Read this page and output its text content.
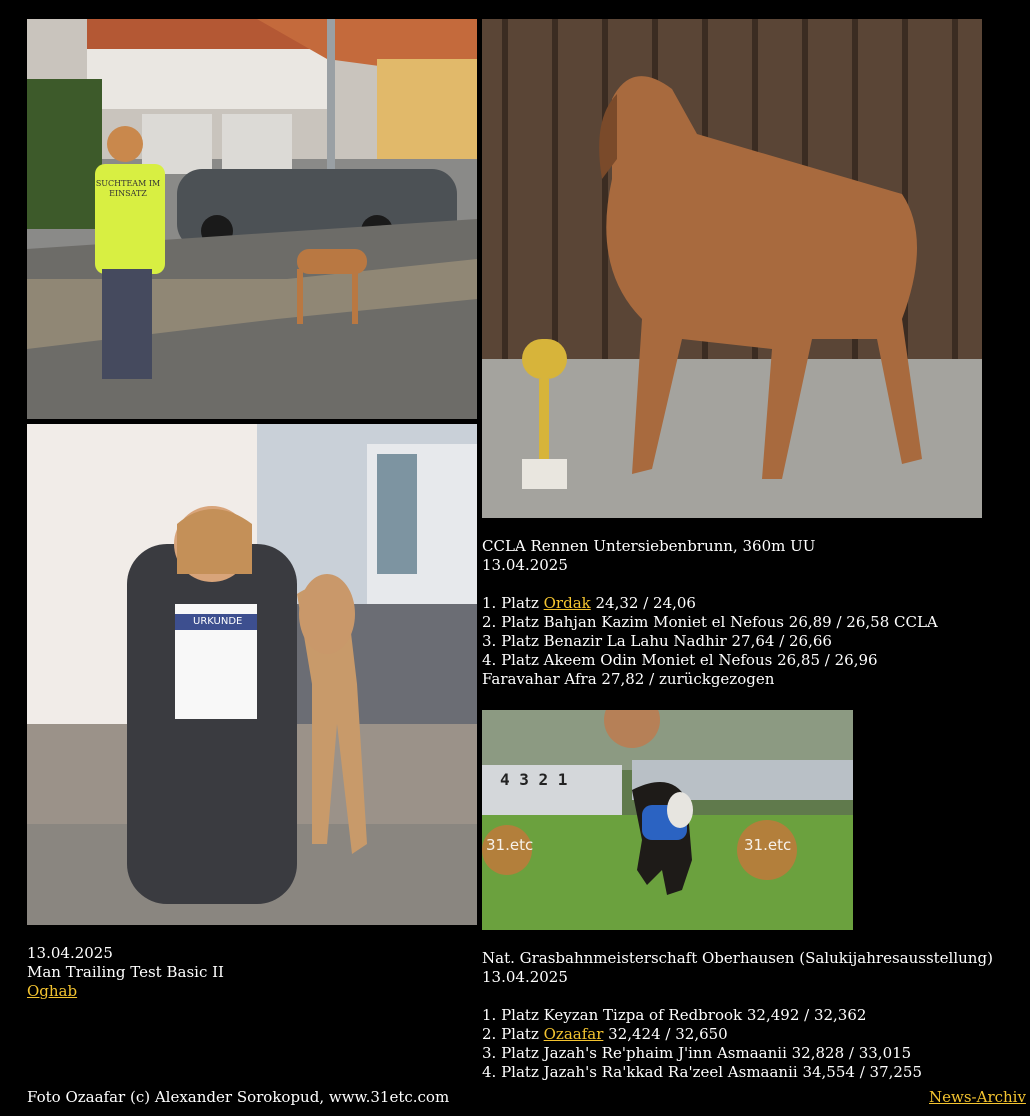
SUCHTEAM IM EINSATZ
URKUNDE
4 3 2 1
31.etc	31.etc
13.04.2025
Man Trailing Test Basic II
Oghab
CCLA Rennen Untersiebenbrunn, 360m UU
13.04.2025
1. Platz Ordak 24,32 / 24,06
2. Platz Bahjan Kazim Moniet el Nefous 26,89 / 26,58 CCLA
3. Platz Benazir La Lahu Nadhir 27,64 / 26,66
4. Platz Akeem Odin Moniet el Nefous 26,85 / 26,96
Faravahar Afra 27,82 / zurückgezogen
Nat. Grasbahnmeisterschaft Oberhausen (Salukijahresausstellung)
13.04.2025
1. Platz Keyzan Tizpa of Redbrook 32,492 / 32,362
2. Platz Ozaafar 32,424 / 32,650
3. Platz Jazah's Re'phaim J'inn Asmaanii 32,828 / 33,015
4. Platz Jazah's Ra'kkad Ra'zeel Asmaanii 34,554 / 37,255
Foto Ozaafar (c) Alexander Sorokopud, www.31etc.com	News-Archiv
